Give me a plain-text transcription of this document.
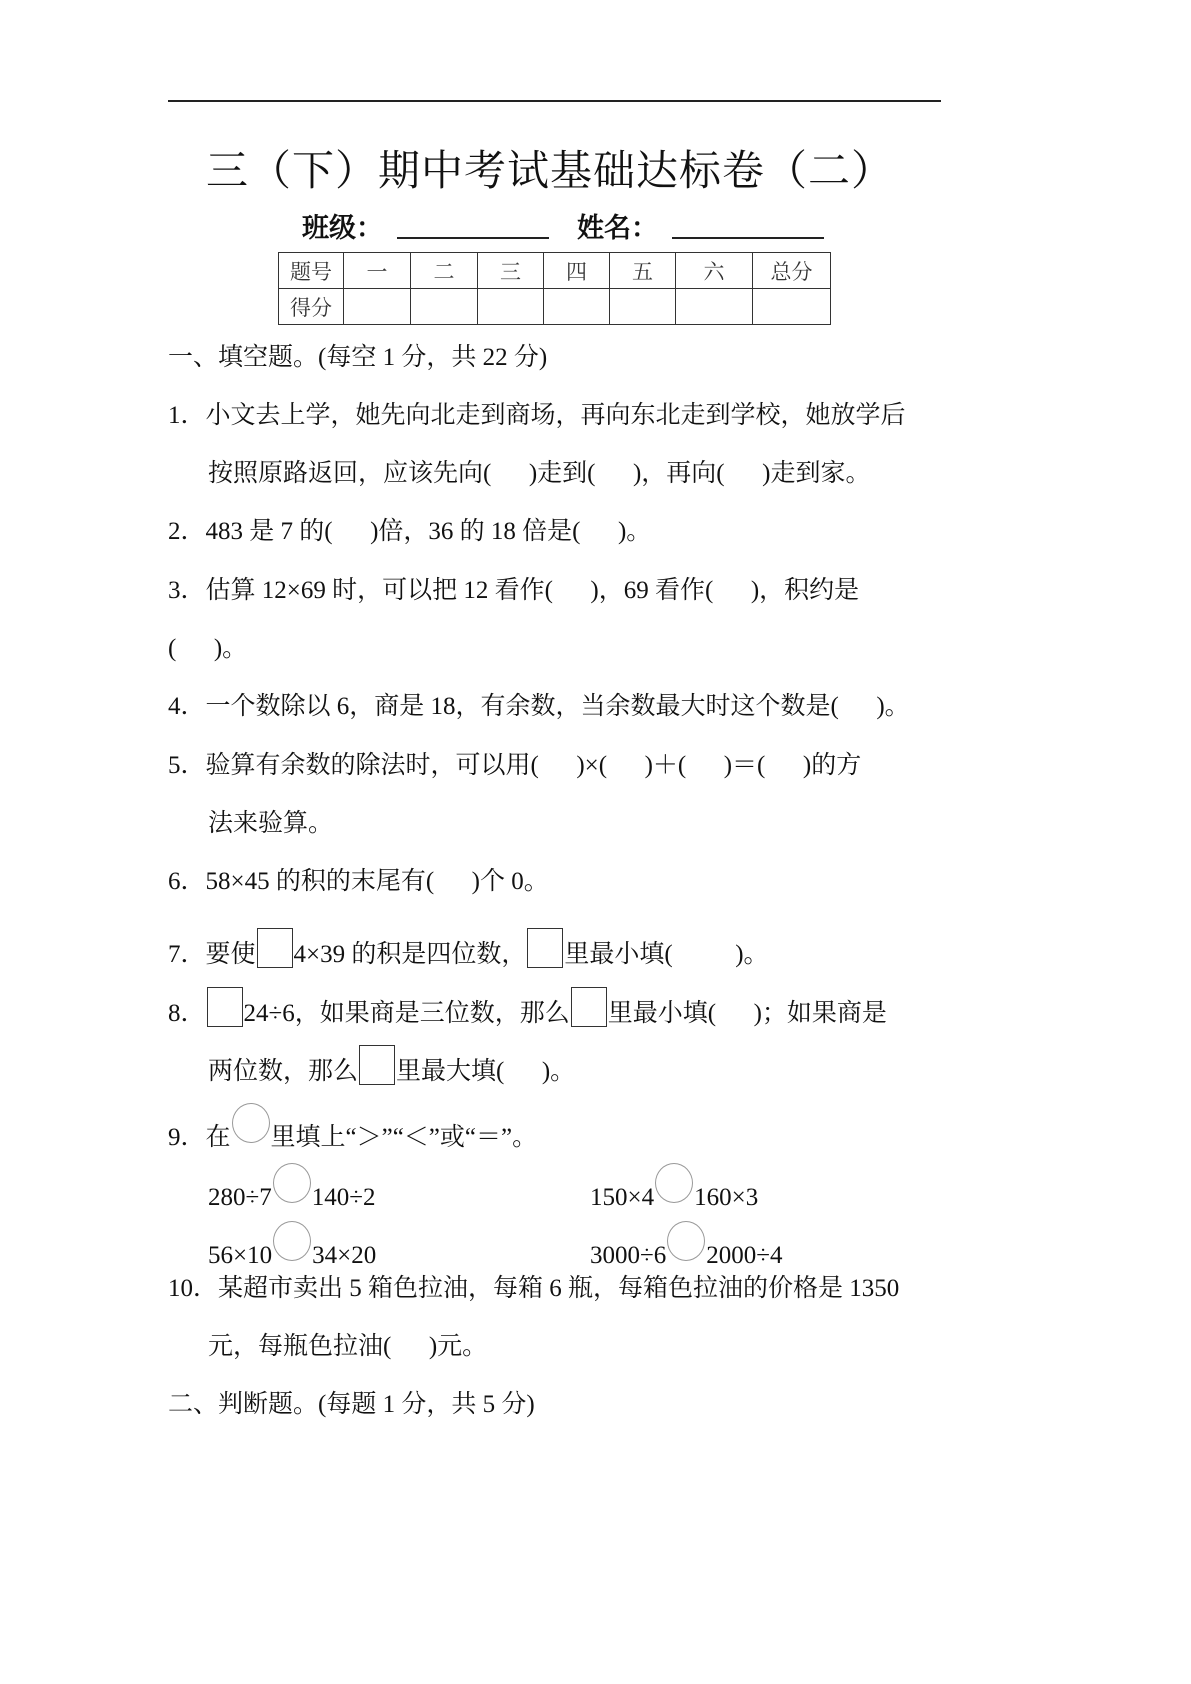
三（下）期中考试基础达标卷（二）
班级：	姓名：
题号	一	二	三	四	五	六	总分
得分							
一、填空题。(每空 1 分，共 22 分)
1．小文去上学，她先向北走到商场，再向东北走到学校，她放学后
按照原路返回，应该先向(      )走到(      )，再向(      )走到家。
2．483 是 7 的(      )倍，36 的 18 倍是(      )。
3．估算 12×69 时，可以把 12 看作(      )，69 看作(      )，积约是
(      )。
4．一个数除以 6，商是 18，有余数，当余数最大时这个数是(      )。
5．验算有余数的除法时，可以用(      )×(      )＋(      )＝(      )的方
法来验算。
6．58×45 的积的末尾有(      )个 0。
7．要使 4×39 的积是四位数， 里最小填(          )。
8． 24÷6，如果商是三位数，那么 里最小填(      )；如果商是
两位数，那么 里最大填(      )。
9．在 里填上“＞”“＜”或“＝”。
280÷7 140÷2	150×4 160×3
56×10 34×20	3000÷6 2000÷4
10．某超市卖出 5 箱色拉油，每箱 6 瓶，每箱色拉油的价格是 1350
元，每瓶色拉油(      )元。
二、判断题。(每题 1 分，共 5 分)
